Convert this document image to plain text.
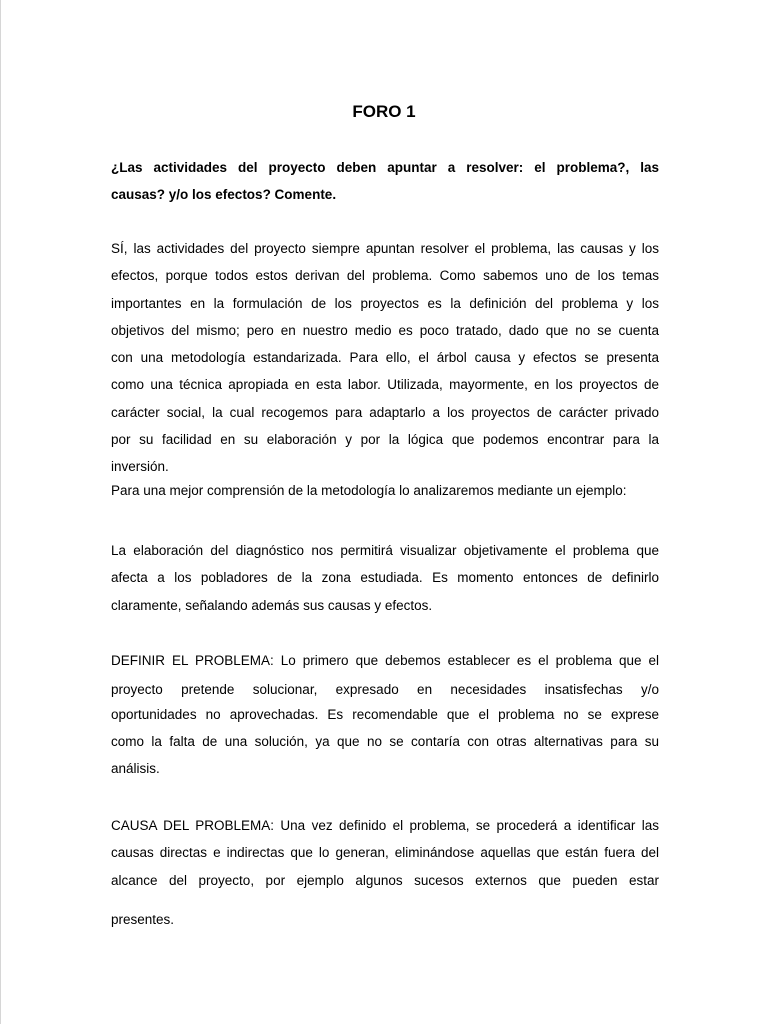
FORO 1
¿Las actividades del proyecto deben apuntar a resolver: el problema?, las
causas? y/o los efectos? Comente.
SÍ, las actividades del proyecto siempre apuntan resolver el problema, las causas y los
efectos, porque todos estos derivan del problema. Como sabemos uno de los temas
importantes en la formulación de los proyectos es la definición del problema y los
objetivos del mismo; pero en nuestro medio es poco tratado, dado que no se cuenta
con una metodología estandarizada. Para ello, el árbol causa y efectos se presenta
como una técnica apropiada en esta labor. Utilizada, mayormente, en los proyectos de
carácter social, la cual recogemos para adaptarlo a los proyectos de carácter privado
por su facilidad en su elaboración y por la lógica que podemos encontrar para la
inversión.
Para una mejor comprensión de la metodología lo analizaremos mediante un ejemplo:
La elaboración del diagnóstico nos permitirá visualizar objetivamente el problema que
afecta a los pobladores de la zona estudiada. Es momento entonces de definirlo
claramente, señalando además sus causas y efectos.
DEFINIR EL PROBLEMA: Lo primero que debemos establecer es el problema que el
proyecto pretende solucionar, expresado en necesidades insatisfechas y/o
oportunidades no aprovechadas. Es recomendable que el problema no se exprese
como la falta de una solución, ya que no se contaría con otras alternativas para su
análisis.
CAUSA DEL PROBLEMA: Una vez definido el problema, se procederá a identificar las
causas directas e indirectas que lo generan, eliminándose aquellas que están fuera del
alcance del proyecto, por ejemplo algunos sucesos externos que pueden estar
presentes.
